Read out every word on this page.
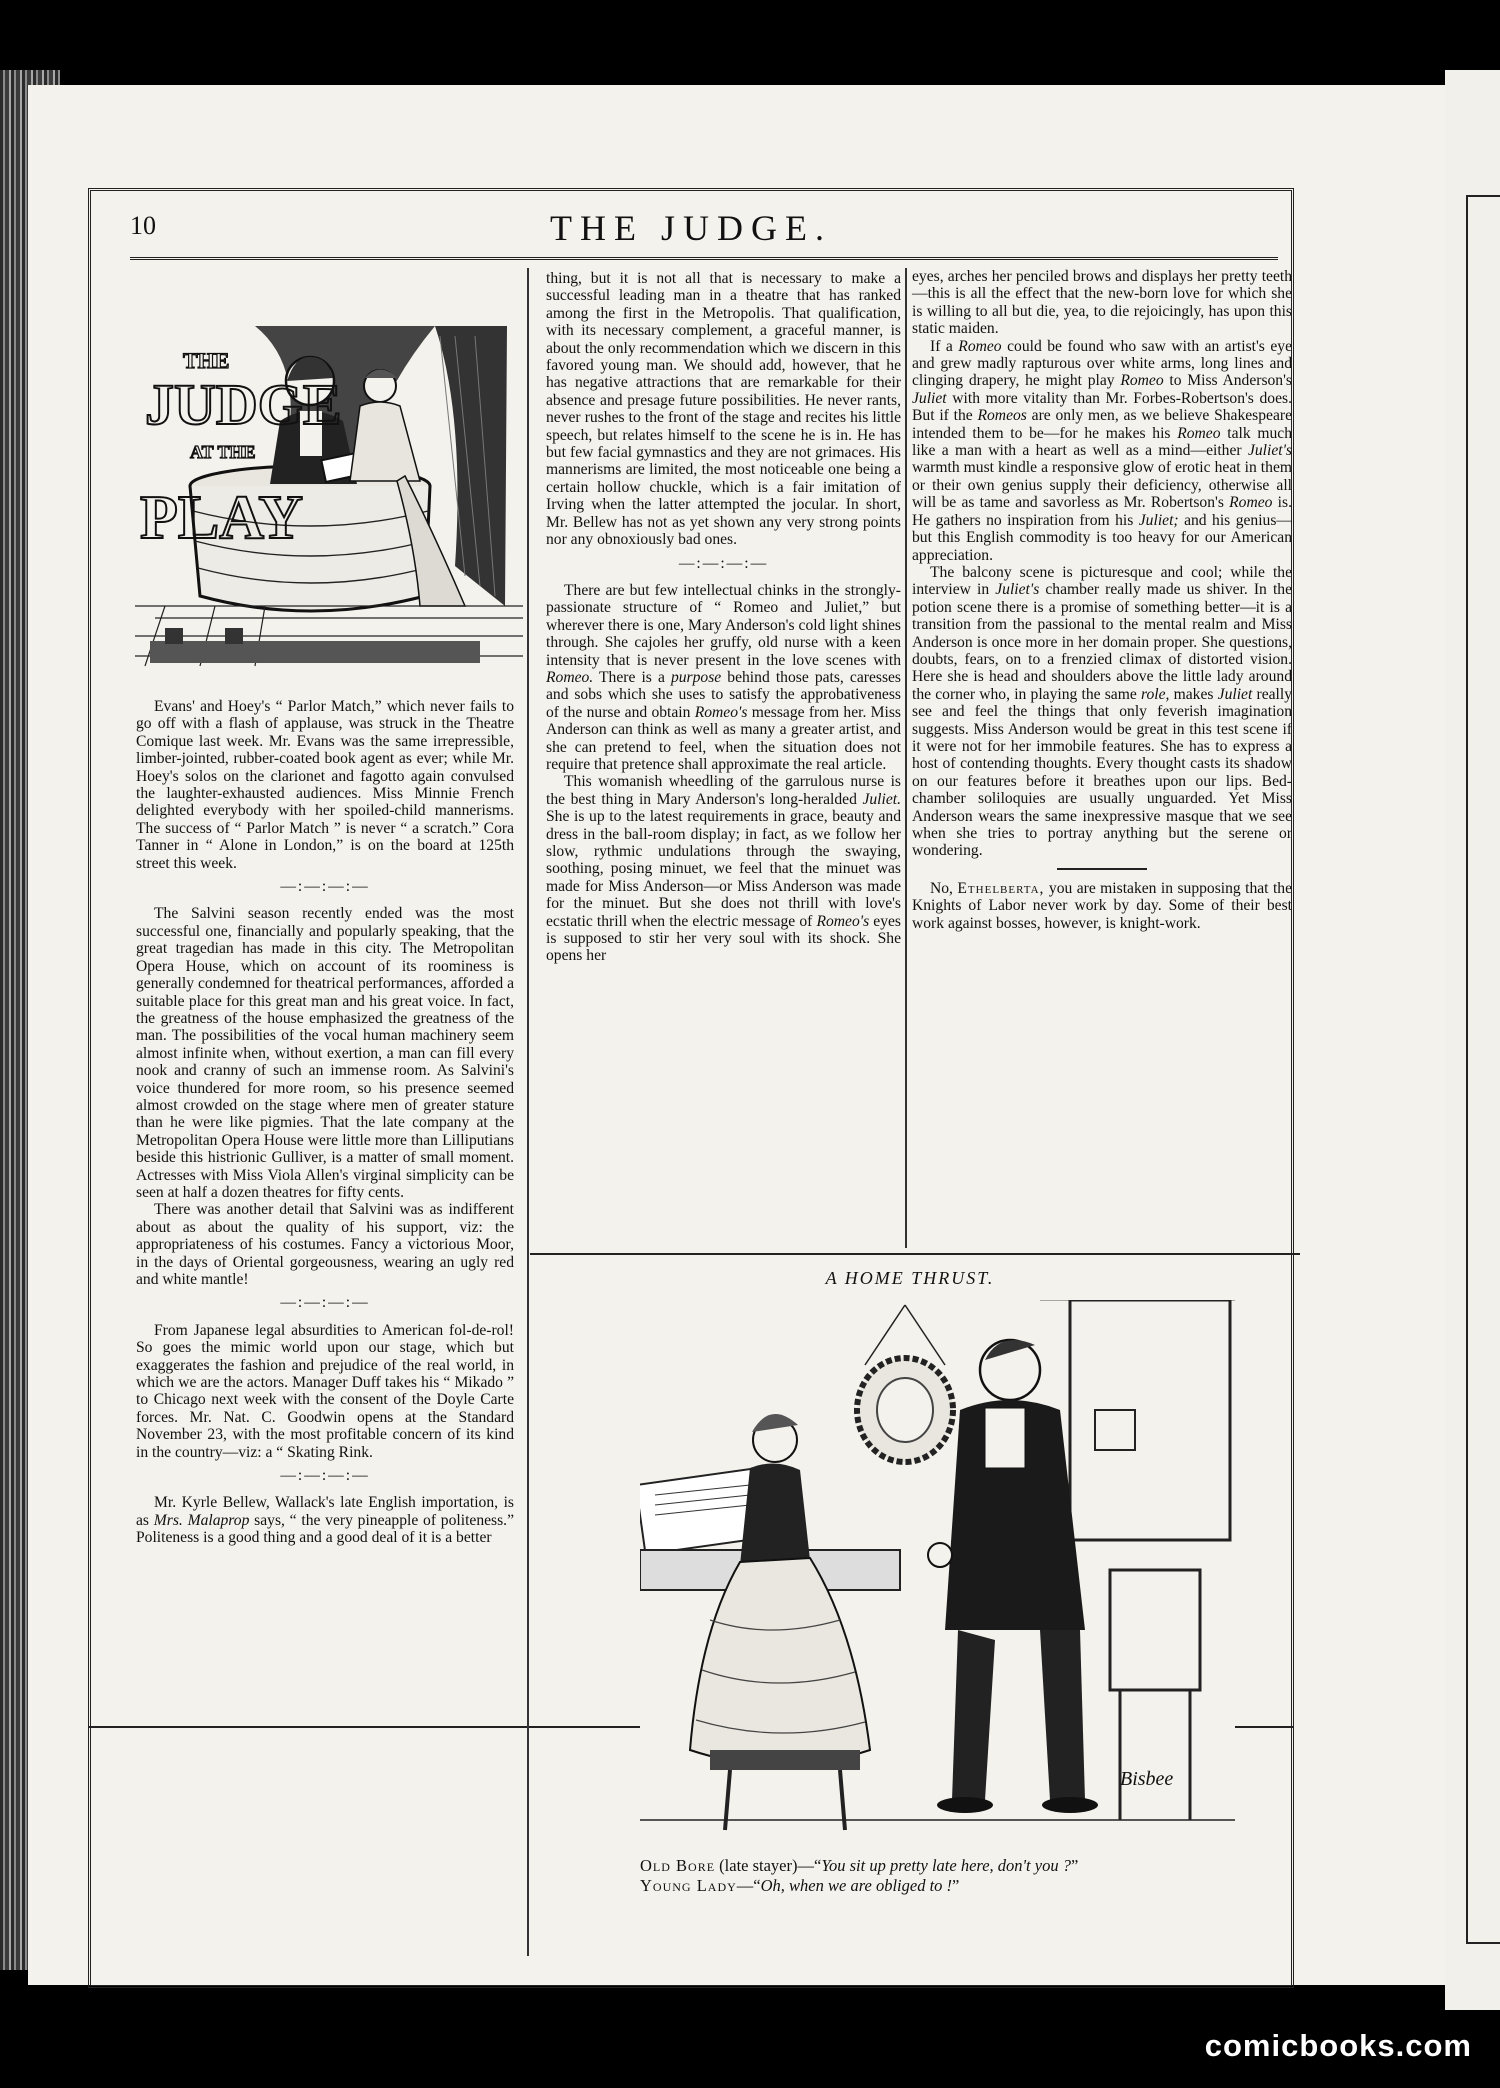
10	THE JUDGE.
THE
JUDGE
AT THE
PLAY

Evans' and Hoey's “ Parlor Match,” which never fails to go off with a flash of applause, was struck in the Theatre Comique last week. Mr. Evans was the same irrepressible, limber-jointed, rubber-coated book agent as ever; while Mr. Hoey's solos on the clarionet and fagotto again convulsed the laughter-exhausted audiences. Miss Minnie French delighted everybody with her spoiled-child mannerisms. The success of “ Parlor Match ” is never “ a scratch.” Cora Tanner in “ Alone in London,” is on the board at 125th street this week.

—:—:—:—

The Salvini season recently ended was the most successful one, financially and popularly speaking, that the great tragedian has made in this city. The Metropolitan Opera House, which on account of its roominess is generally condemned for theatrical performances, afforded a suitable place for this great man and his great voice. In fact, the greatness of the house emphasized the greatness of the man. The possibilities of the vocal human machinery seem almost infinite when, without exertion, a man can fill every nook and cranny of such an immense room. As Salvini's voice thundered for more room, so his presence seemed almost crowded on the stage where men of greater stature than he were like pigmies. That the late company at the Metropolitan Opera House were little more than Lilliputians beside this histrionic Gulliver, is a matter of small moment. Actresses with Miss Viola Allen's virginal simplicity can be seen at half a dozen theatres for fifty cents.

There was another detail that Salvini was as indifferent about as about the quality of his support, viz: the appropriateness of his costumes. Fancy a victorious Moor, in the days of Oriental gorgeousness, wearing an ugly red and white mantle!

—:—:—:—

From Japanese legal absurdities to American fol-de-rol! So goes the mimic world upon our stage, which but exaggerates the fashion and prejudice of the real world, in which we are the actors. Manager Duff takes his “ Mikado ” to Chicago next week with the consent of the Doyle Carte forces. Mr. Nat. C. Goodwin opens at the Standard November 23, with the most profitable concern of its kind in the country—viz: a “ Skating Rink.

—:—:—:—

Mr. Kyrle Bellew, Wallack's late English importation, is as Mrs. Malaprop says, “ the very pineapple of politeness.” Politeness is a good thing and a good deal of it is a better

thing, but it is not all that is necessary to make a successful leading man in a theatre that has ranked among the first in the Metropolis. That qualification, with its necessary complement, a graceful manner, is about the only recommendation which we discern in this favored young man. We should add, however, that he has negative attractions that are remarkable for their absence and presage future possibilities. He never rants, never rushes to the front of the stage and recites his little speech, but relates himself to the scene he is in. He has but few facial gymnastics and they are not grimaces. His mannerisms are limited, the most noticeable one being a certain hollow chuckle, which is a fair imitation of Irving when the latter attempted the jocular. In short, Mr. Bellew has not as yet shown any very strong points nor any obnoxiously bad ones.

—:—:—:—

There are but few intellectual chinks in the strongly-passionate structure of “ Romeo and Juliet,” but wherever there is one, Mary Anderson's cold light shines through. She cajoles her gruffy, old nurse with a keen intensity that is never present in the love scenes with Romeo. There is a purpose behind those pats, caresses and sobs which she uses to satisfy the approbativeness of the nurse and obtain Romeo's message from her. Miss Anderson can think as well as many a greater artist, and she can pretend to feel, when the situation does not require that pretence shall approximate the real article.

This womanish wheedling of the garrulous nurse is the best thing in Mary Anderson's long-heralded Juliet. She is up to the latest requirements in grace, beauty and dress in the ball-room display; in fact, as we follow her slow, rythmic undulations through the swaying, soothing, posing minuet, we feel that the minuet was made for Miss Anderson—or Miss Anderson was made for the minuet. But she does not thrill with love's ecstatic thrill when the electric message of Romeo's eyes is supposed to stir her very soul with its shock. She opens her

eyes, arches her penciled brows and displays her pretty teeth—this is all the effect that the new-born love for which she is willing to all but die, yea, to die rejoicingly, has upon this static maiden.

If a Romeo could be found who saw with an artist's eye and grew madly rapturous over white arms, long lines and clinging drapery, he might play Romeo to Miss Anderson's Juliet with more vitality than Mr. Forbes-Robertson's does. But if the Romeos are only men, as we believe Shakespeare intended them to be—for he makes his Romeo talk much like a man with a heart as well as a mind—either Juliet's warmth must kindle a responsive glow of erotic heat in them or their own genius supply their deficiency, otherwise all will be as tame and savorless as Mr. Robertson's Romeo is. He gathers no inspiration from his Juliet; and his genius—but this English commodity is too heavy for our American appreciation.

The balcony scene is picturesque and cool; while the interview in Juliet's chamber really made us shiver. In the potion scene there is a promise of something better—it is a transition from the passional to the mental realm and Miss Anderson is once more in her domain proper. She questions, doubts, fears, on to a frenzied climax of distorted vision. Here she is head and shoulders above the little lady around the corner who, in playing the same role, makes Juliet really see and feel the things that only feverish imagination suggests. Miss Anderson would be great in this test scene if it were not for her immobile features. She has to express a host of contending thoughts. Every thought casts its shadow on our features before it breathes upon our lips. Bed-chamber soliloquies are usually unguarded. Yet Miss Anderson wears the same inexpressive masque that we see when she tries to portray anything but the serene or wondering.

No, Ethelberta, you are mistaken in supposing that the Knights of Labor never work by day. Some of their best work against bosses, however, is knight-work.

A HOME THRUST.
Bisbee
Old Bore (late stayer)—“You sit up pretty late here, don't you ?”
Young Lady—“Oh, when we are obliged to !”
comicbooks.com
